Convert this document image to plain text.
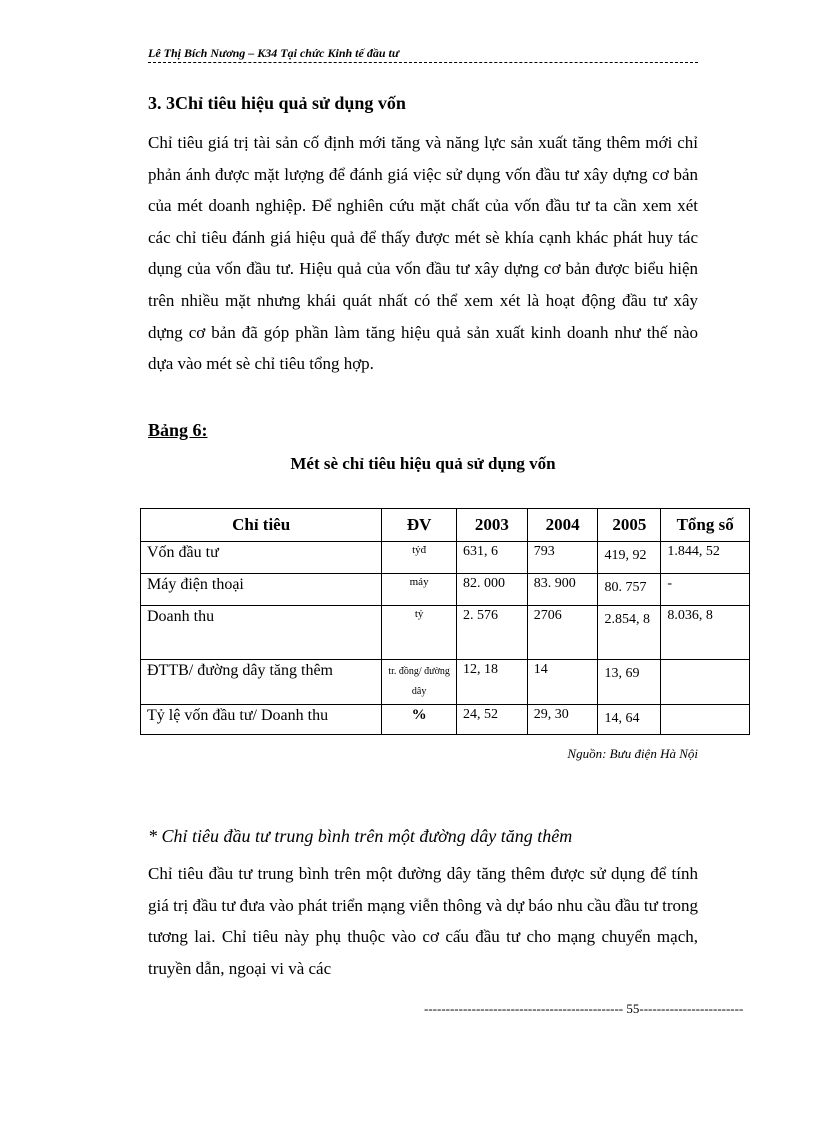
Lê Thị Bích Nương – K34 Tại chức Kinh tế đầu tư
3. 3Chỉ tiêu hiệu quả sử dụng vốn
Chỉ tiêu giá trị tài sản cố định mới tăng và năng lực sản xuất tăng thêm mới chỉ phản ánh được mặt lượng để đánh giá việc sử dụng vốn đầu tư xây dựng cơ bản của mét doanh nghiệp. Để nghiên cứu mặt chất của vốn đầu tư ta cần xem xét các chỉ tiêu đánh giá hiệu quả để thấy được mét sè khía cạnh khác phát huy tác dụng của vốn đầu tư. Hiệu quả của vốn đầu tư xây dựng cơ bản được biểu hiện trên nhiều mặt nhưng khái quát nhất có thể xem xét là hoạt động đầu tư xây dựng cơ bản đã góp phần làm tăng hiệu quả sản xuất kinh doanh như thế nào dựa vào mét sè chỉ tiêu tổng hợp.
Bảng 6:
Mét sè chỉ tiêu hiệu quả sử dụng vốn
Chỉ tiêu	ĐV	2003	2004	2005	Tổng số
Vốn đầu tư	tỷđ	631, 6	793	419, 92	1.844, 52
Máy điện thoại	máy	82. 000	83. 900	80. 757	-
Doanh thu	tỷ	2. 576	2706	2.854, 8	8.036, 8
ĐTTB/ đường dây tăng thêm	tr. đồng/ đường dây	12, 18	14	13, 69	
Tỷ lệ vốn đầu tư/ Doanh thu	%	24, 52	29, 30	14, 64	
Nguồn: Bưu điện Hà Nội
* Chỉ tiêu đầu tư trung bình trên một đường dây tăng thêm
Chỉ tiêu đầu tư trung bình trên một đường dây tăng thêm được sử dụng để tính giá trị đầu tư đưa vào phát triển mạng viễn thông và dự báo nhu cầu đầu tư trong tương lai. Chỉ tiêu này phụ thuộc vào cơ cấu đầu tư cho mạng chuyển mạch, truyền dẫn, ngoại vi và các
---------------------------------------------- 55------------------------
